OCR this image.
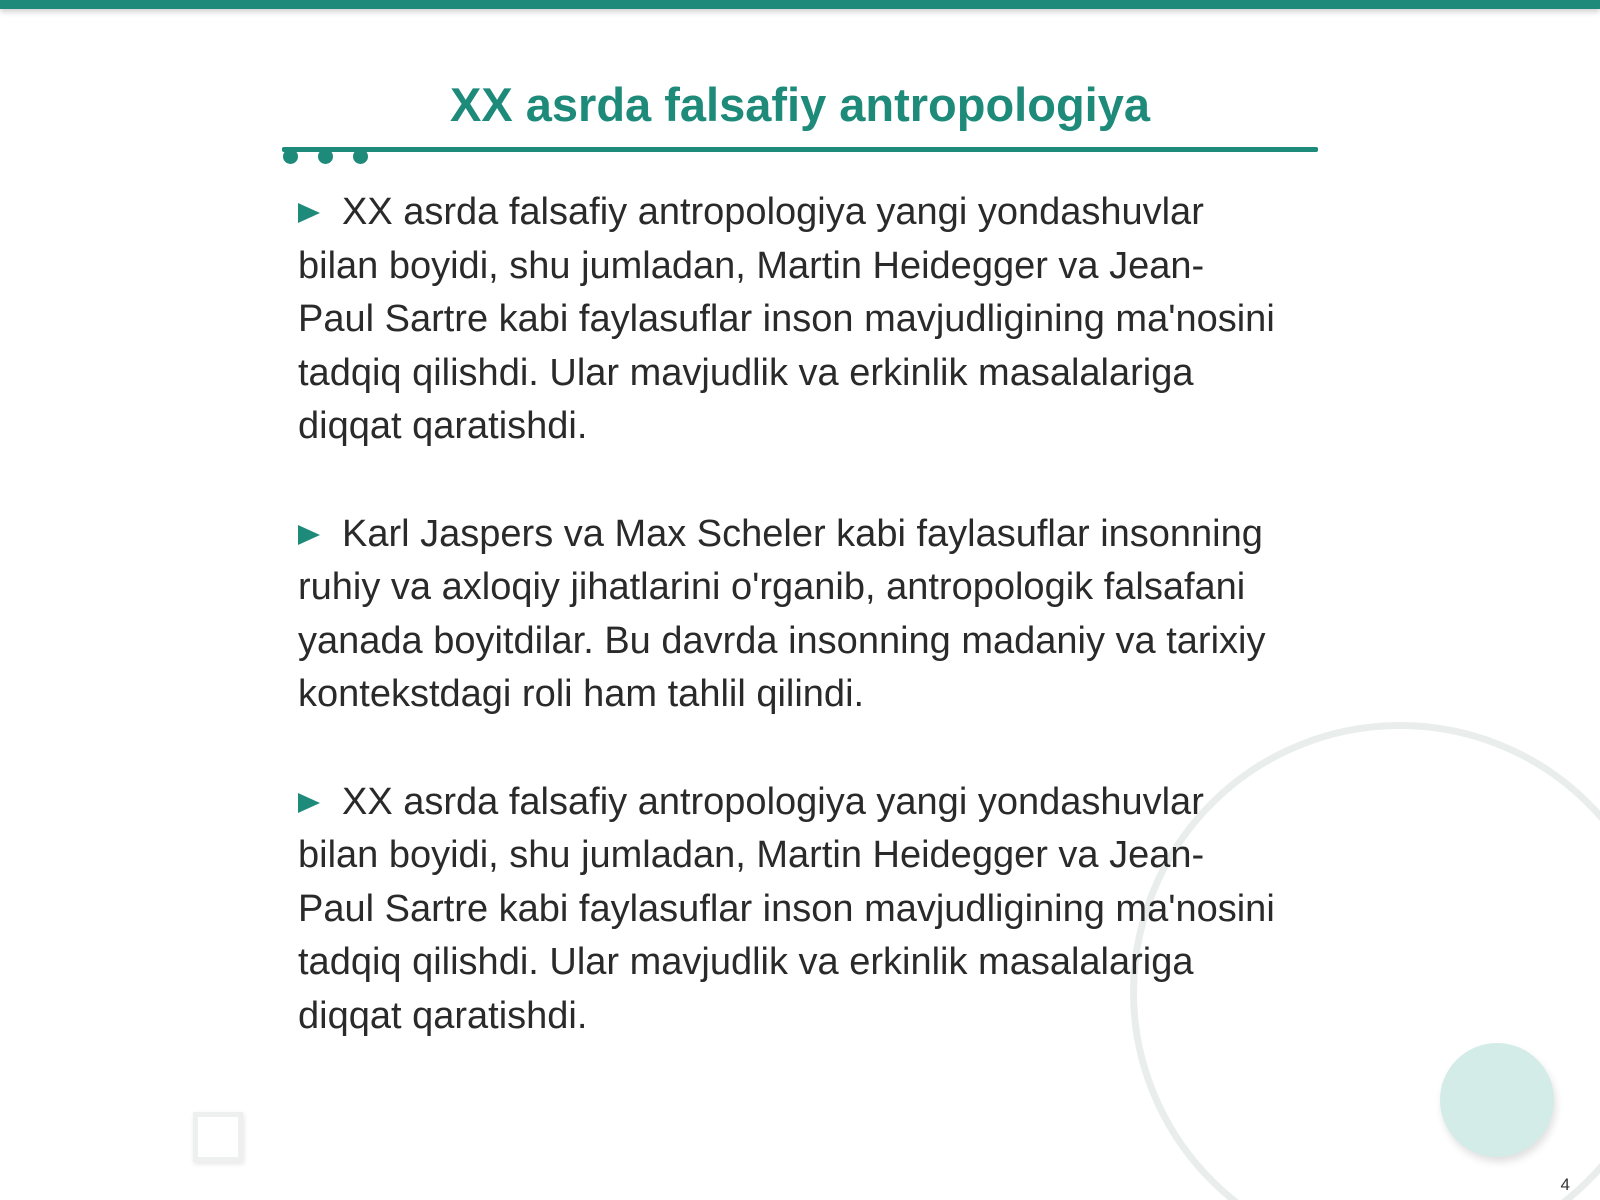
XX asrda falsafiy antropologiya

XX asrda falsafiy antropologiya yangi yondashuvlar bilan boyidi, shu jumladan, Martin Heidegger va Jean-Paul Sartre kabi faylasuflar inson mavjudligining ma'nosini tadqiq qilishdi. Ular mavjudlik va erkinlik masalalariga diqqat qaratishdi.

Karl Jaspers va Max Scheler kabi faylasuflar insonning ruhiy va axloqiy jihatlarini o'rganib, antropologik falsafani yanada boyitdilar. Bu davrda insonning madaniy va tarixiy kontekstdagi roli ham tahlil qilindi.

XX asrda falsafiy antropologiya yangi yondashuvlar bilan boyidi, shu jumladan, Martin Heidegger va Jean-Paul Sartre kabi faylasuflar inson mavjudligining ma'nosini tadqiq qilishdi. Ular mavjudlik va erkinlik masalalariga diqqat qaratishdi.

4
